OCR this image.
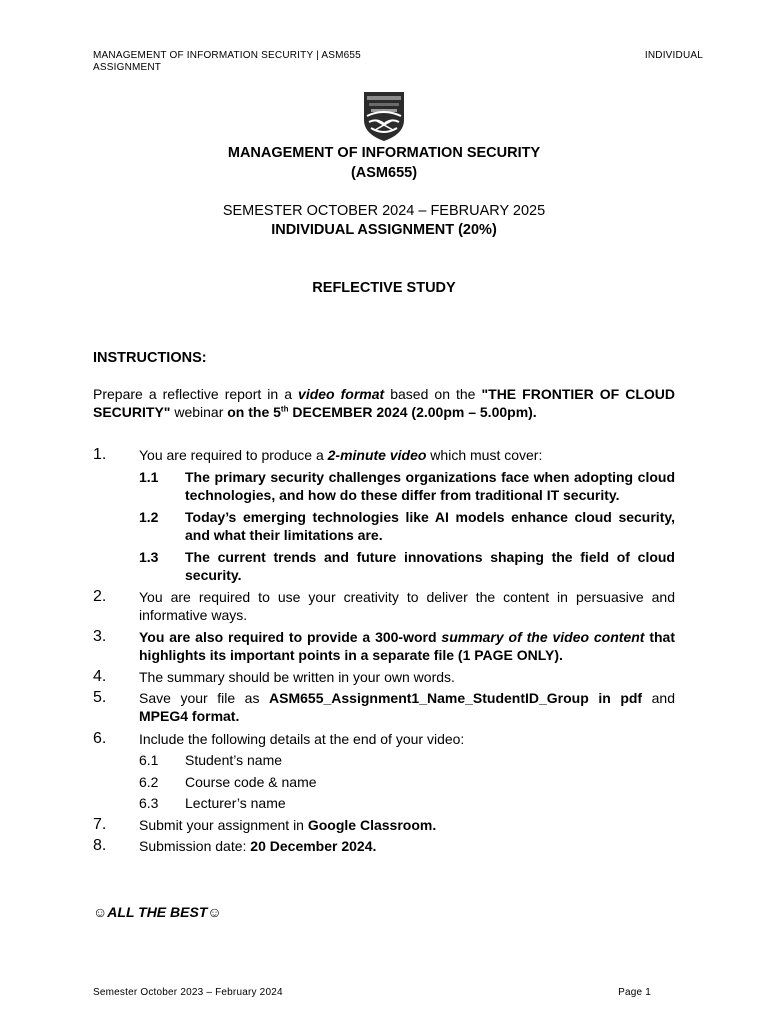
MANAGEMENT OF INFORMATION SECURITY | ASM655 ASSIGNMENT
INDIVIDUAL
MANAGEMENT OF INFORMATION SECURITY
(ASM655)
SEMESTER OCTOBER 2024 – FEBRUARY 2025
INDIVIDUAL ASSIGNMENT (20%)
REFLECTIVE STUDY
INSTRUCTIONS:
Prepare a reflective report in a video format based on the "THE FRONTIER OF CLOUD SECURITY" webinar on the 5th DECEMBER 2024 (2.00pm – 5.00pm).
1. You are required to produce a 2-minute video which must cover:
1.1 The primary security challenges organizations face when adopting cloud technologies, and how do these differ from traditional IT security.
1.2 Today’s emerging technologies like AI models enhance cloud security, and what their limitations are.
1.3 The current trends and future innovations shaping the field of cloud security.
2. You are required to use your creativity to deliver the content in persuasive and informative ways.
3. You are also required to provide a 300-word summary of the video content that highlights its important points in a separate file (1 PAGE ONLY).
4. The summary should be written in your own words.
5. Save your file as ASM655_Assignment1_Name_StudentID_Group in pdf and MPEG4 format.
6. Include the following details at the end of your video:
6.1 Student’s name
6.2 Course code & name
6.3 Lecturer’s name
7. Submit your assignment in Google Classroom.
8. Submission date: 20 December 2024.
☺ALL THE BEST☺
Semester October 2023 – February 2024	Page 1
